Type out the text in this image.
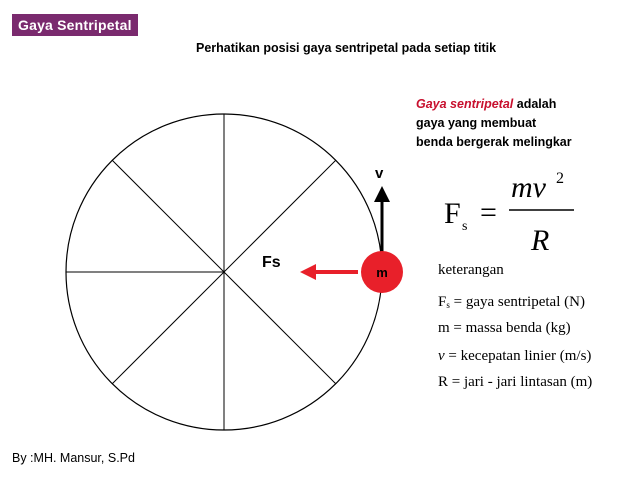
Gaya Sentripetal
Perhatikan posisi gaya sentripetal pada setiap titik
Gaya sentripetal adalah
gaya yang membuat
benda bergerak melingkar
m
v
Fs
F s =
mv 2
R
keterangan
$F_s$ = gaya sentripetal (N)
m = massa benda (kg)
v = kecepatan linier (m/s)
R = jari - jari lintasan (m)
By :MH. Mansur, S.Pd
